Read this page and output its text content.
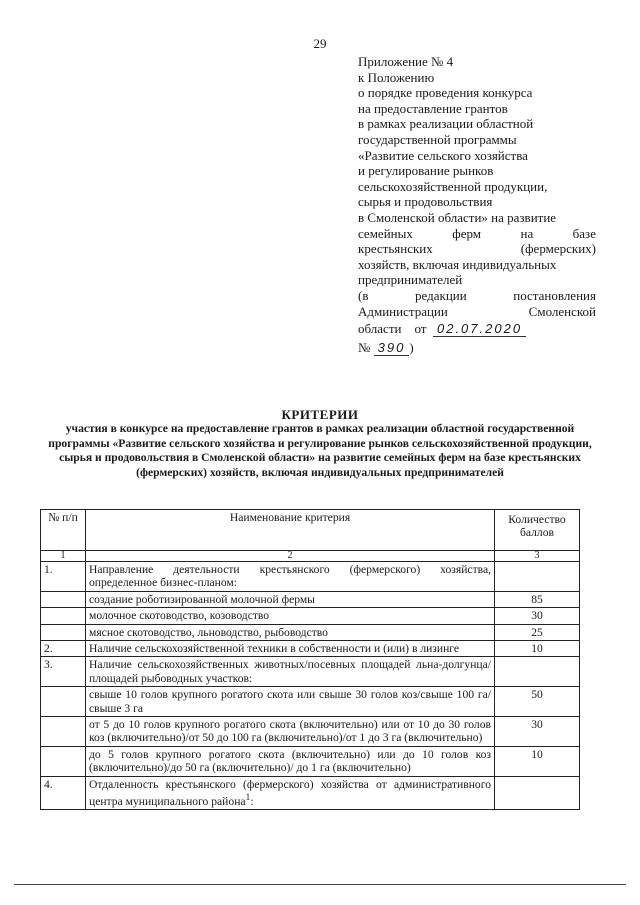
29
Приложение № 4
к Положению
о порядке проведения конкурса
на предоставление грантов
в рамках реализации областной
государственной программы
«Развитие сельского хозяйства
и регулирование рынков
сельскохозяйственной продукции,
сырья и продовольствия
в Смоленской области» на развитие
семейных	ферм	на	базе
крестьянских	(фермерских)
хозяйств, включая индивидуальных
предпринимателей
(в	редакции	постановления
Администрации	Смоленской
области от 02.07.2020
№ 390 )
КРИТЕРИИ
участия в конкурсе на предоставление грантов в рамках реализации областной государственной программы «Развитие сельского хозяйства и регулирование рынков сельскохозяйственной продукции, сырья и продовольствия в Смоленской области» на развитие семейных ферм на базе крестьянских (фермерских) хозяйств, включая индивидуальных предпринимателей
№ п/п	Наименование критерия	Количество баллов
1	2	3
1.	Направление деятельности крестьянского (фермерского) хозяйства, определенное бизнес-планом:	
	создание роботизированной молочной фермы	85
	молочное скотоводство, козоводство	30
	мясное скотоводство, льноводство, рыбоводство	25
2.	Наличие сельскохозяйственной техники в собственности и (или) в лизинге	10
3.	Наличие сельскохозяйственных животных/посевных площадей льна-долгунца/площадей рыбоводных участков:	
	свыше 10 голов крупного рогатого скота или свыше 30 голов коз/свыше 100 га/свыше 3 га	50
	от 5 до 10 голов крупного рогатого скота (включительно) или от 10 до 30 голов коз (включительно)/от 50 до 100 га (включительно)/от 1 до 3 га (включительно)	30
	до 5 голов крупного рогатого скота (включительно) или до 10 голов коз (включительно)/до 50 га (включительно)/ до 1 га (включительно)	10
4.	Отдаленность крестьянского (фермерского) хозяйства от административного центра муниципального района$^1$:	
